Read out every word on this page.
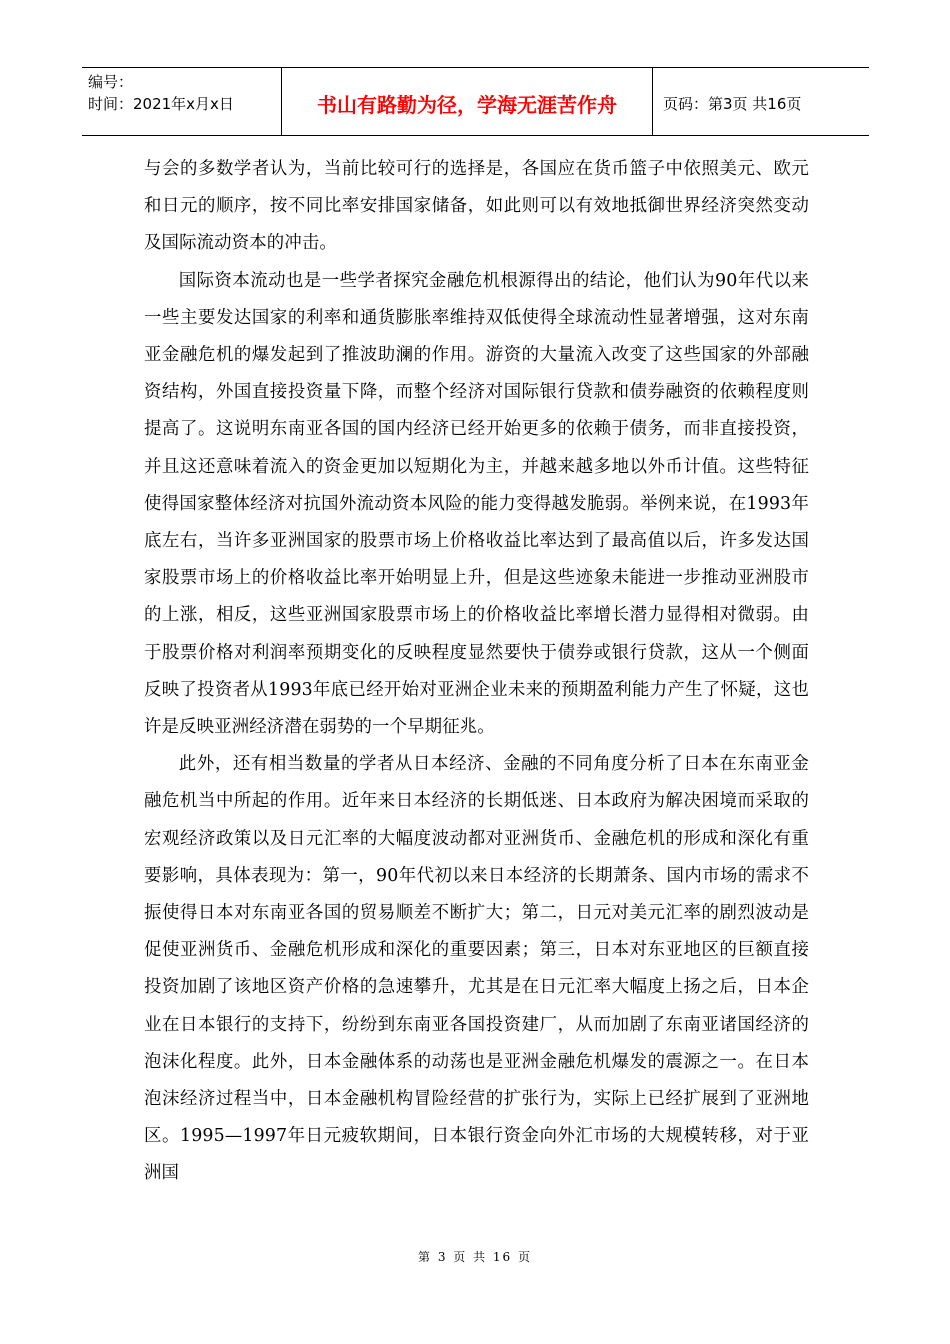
编号：
时间：2021年x月x日	书山有路勤为径，学海无涯苦作舟	页码：第3页 共16页

与会的多数学者认为，当前比较可行的选择是，各国应在货币篮子中依照美元、欧元和日元的顺序，按不同比率安排国家储备，如此则可以有效地抵御世界经济突然变动及国际流动资本的冲击。

国际资本流动也是一些学者探究金融危机根源得出的结论，他们认为90年代以来一些主要发达国家的利率和通货膨胀率维持双低使得全球流动性显著增强，这对东南亚金融危机的爆发起到了推波助澜的作用。游资的大量流入改变了这些国家的外部融资结构，外国直接投资量下降，而整个经济对国际银行贷款和债券融资的依赖程度则提高了。这说明东南亚各国的国内经济已经开始更多的依赖于债务，而非直接投资，并且这还意味着流入的资金更加以短期化为主，并越来越多地以外币计值。这些特征使得国家整体经济对抗国外流动资本风险的能力变得越发脆弱。举例来说，在1993年底左右，当许多亚洲国家的股票市场上价格收益比率达到了最高值以后，许多发达国家股票市场上的价格收益比率开始明显上升，但是这些迹象未能进一步推动亚洲股市的上涨，相反，这些亚洲国家股票市场上的价格收益比率增长潜力显得相对微弱。由于股票价格对利润率预期变化的反映程度显然要快于债券或银行贷款，这从一个侧面反映了投资者从1993年底已经开始对亚洲企业未来的预期盈利能力产生了怀疑，这也许是反映亚洲经济潜在弱势的一个早期征兆。

此外，还有相当数量的学者从日本经济、金融的不同角度分析了日本在东南亚金融危机当中所起的作用。近年来日本经济的长期低迷、日本政府为解决困境而采取的宏观经济政策以及日元汇率的大幅度波动都对亚洲货币、金融危机的形成和深化有重要影响，具体表现为：第一，90年代初以来日本经济的长期萧条、国内市场的需求不振使得日本对东南亚各国的贸易顺差不断扩大；第二，日元对美元汇率的剧烈波动是促使亚洲货币、金融危机形成和深化的重要因素；第三，日本对东亚地区的巨额直接投资加剧了该地区资产价格的急速攀升，尤其是在日元汇率大幅度上扬之后，日本企业在日本银行的支持下，纷纷到东南亚各国投资建厂，从而加剧了东南亚诸国经济的泡沫化程度。此外，日本金融体系的动荡也是亚洲金融危机爆发的震源之一。在日本泡沫经济过程当中，日本金融机构冒险经营的扩张行为，实际上已经扩展到了亚洲地区。1995—1997年日元疲软期间，日本银行资金向外汇市场的大规模转移，对于亚洲国

第 3 页 共 16 页
